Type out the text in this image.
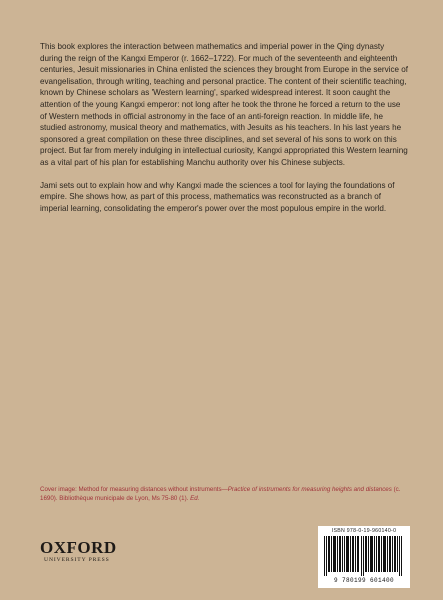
This book explores the interaction between mathematics and imperial power in the Qing dynasty during the reign of the Kangxi Emperor (r. 1662–1722). For much of the seventeenth and eighteenth centuries, Jesuit missionaries in China enlisted the sciences they brought from Europe in the service of evangelisation, through writing, teaching and personal practice. The content of their scientific teaching, known by Chinese scholars as 'Western learning', sparked widespread interest. It soon caught the attention of the young Kangxi emperor: not long after he took the throne he forced a return to the use of Western methods in official astronomy in the face of an anti-foreign reaction. In middle life, he studied astronomy, musical theory and mathematics, with Jesuits as his teachers. In his last years he sponsored a great compilation on these three disciplines, and set several of his sons to work on this project. But far from merely indulging in intellectual curiosity, Kangxi appropriated this Western learning as a vital part of his plan for establishing Manchu authority over his Chinese subjects.

Jami sets out to explain how and why Kangxi made the sciences a tool for laying the foundations of empire. She shows how, as part of this process, mathematics was reconstructed as a branch of imperial learning, consolidating the emperor's power over the most populous empire in the world.

Cover image: Method for measuring distances without instruments—Practice of instruments for measuring heights and distances (c. 1690). Bibliothèque municipale de Lyon, Ms 75-80 (1). Ed.
OXFORD
UNIVERSITY PRESS
ISBN 978-0-19-960140-0
9 780199 601400
